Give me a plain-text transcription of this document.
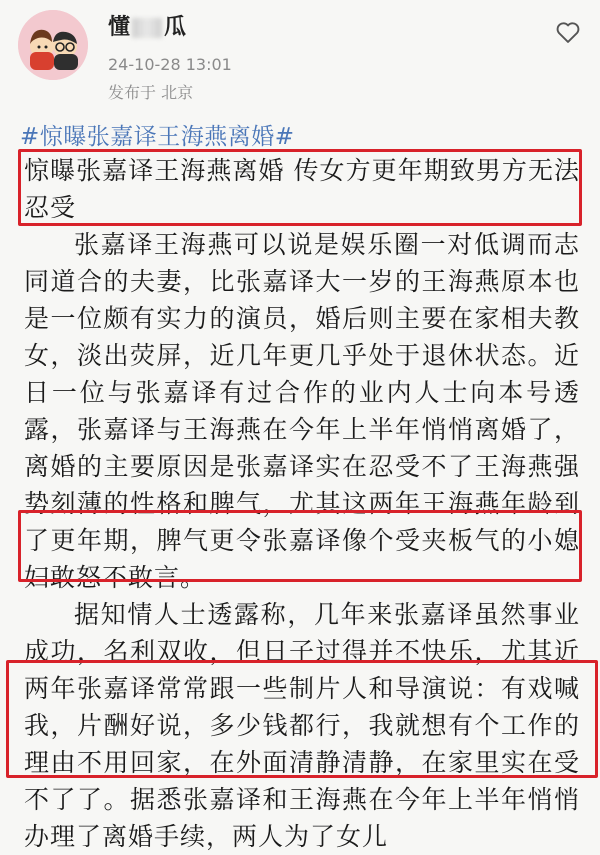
懂 瓜
24-10-28 13:01
发布于 北京
#惊曝张嘉译王海燕离婚#

惊曝张嘉译王海燕离婚 传女方更年期致男方无法忍受

张嘉译王海燕可以说是娱乐圈一对低调而志同道合的夫妻，比张嘉译大一岁的王海燕原本也是一位颇有实力的演员，婚后则主要在家相夫教女，淡出荧屏，近几年更几乎处于退休状态。近日一位与张嘉译有过合作的业内人士向本号透露，张嘉译与王海燕在今年上半年悄悄离婚了，离婚的主要原因是张嘉译实在忍受不了王海燕强势刻薄的性格和脾气，尤其这两年王海燕年龄到了更年期，脾气更令张嘉译像个受夹板气的小媳妇敢怒不敢言。

据知情人士透露称，几年来张嘉译虽然事业成功，名利双收，但日子过得并不快乐，尤其近两年张嘉译常常跟一些制片人和导演说：有戏喊我，片酬好说，多少钱都行，我就想有个工作的理由不用回家，在外面清静清静，在家里实在受不了了。据悉张嘉译和王海燕在今年上半年悄悄办理了离婚手续，两人为了女儿
